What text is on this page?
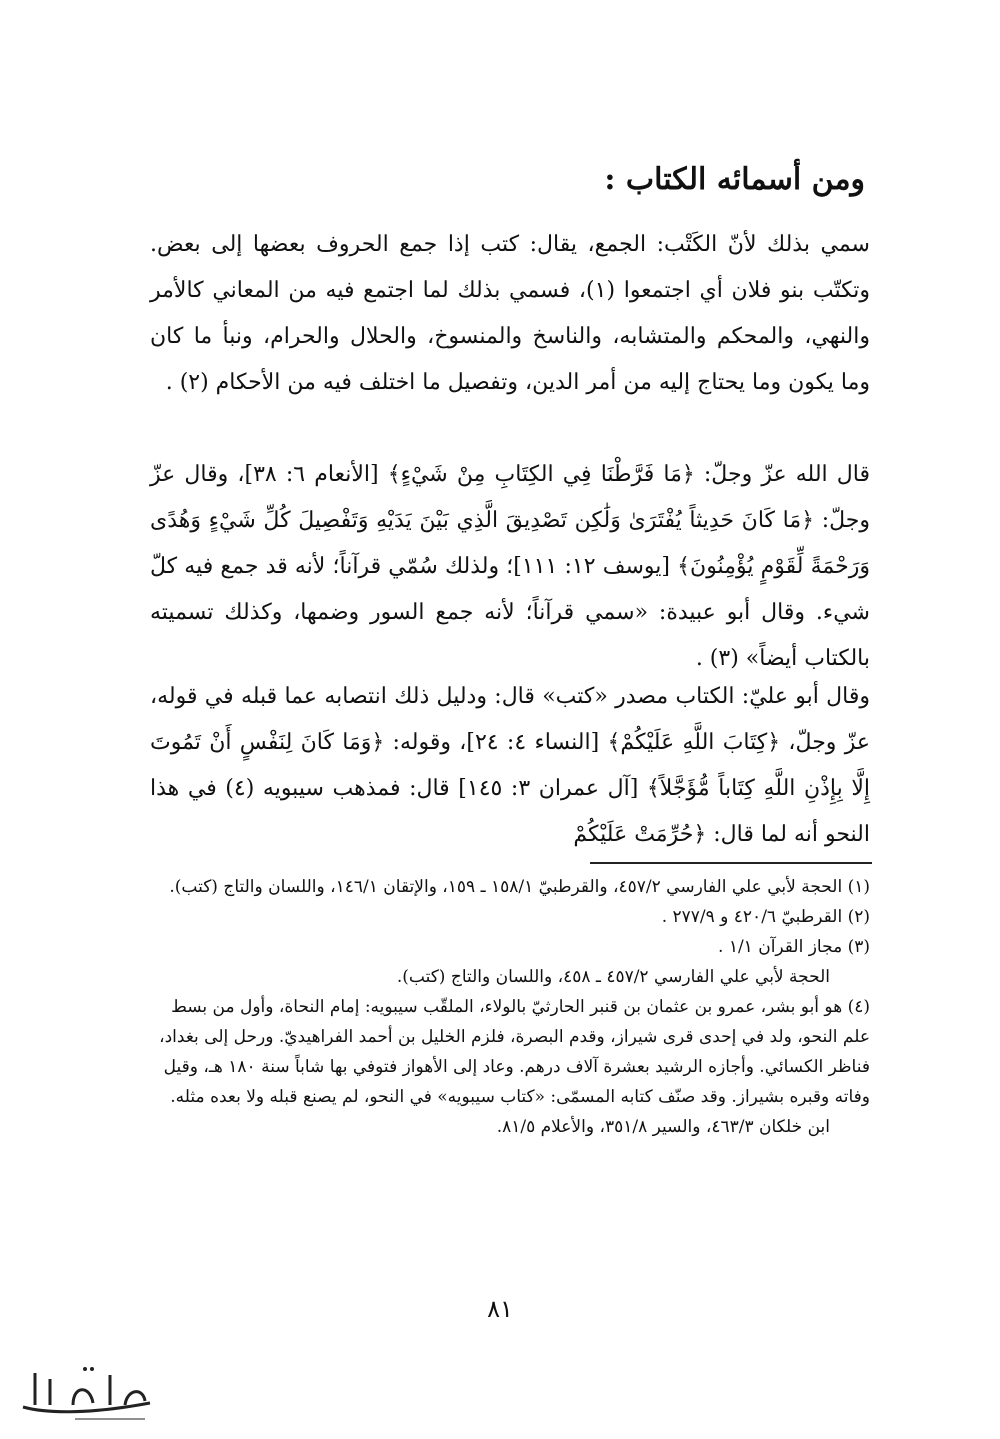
ومن أسمائه الكتاب :

سمي بذلك لأنّ الكَتْب: الجمع، يقال: كتب إذا جمع الحروف بعضها إلى بعض. وتكتّب بنو فلان أي اجتمعوا (١)، فسمي بذلك لما اجتمع فيه من المعاني كالأمر والنهي، والمحكم والمتشابه، والناسخ والمنسوخ، والحلال والحرام، ونبأ ما كان وما يكون وما يحتاج إليه من أمر الدين، وتفصيل ما اختلف فيه من الأحكام (٢) .

قال الله عزّ وجلّ: ﴿مَا فَرَّطْنَا فِي الكِتَابِ مِنْ شَيْءٍ﴾ [الأنعام ٦: ٣٨]، وقال عزّ وجلّ: ﴿مَا كَانَ حَدِيثاً يُفْتَرَىٰ وَلَٰكِن تَصْدِيقَ الَّذِي بَيْنَ يَدَيْهِ وَتَفْصِيلَ كُلِّ شَيْءٍ وَهُدًى وَرَحْمَةً لِّقَوْمٍ يُؤْمِنُونَ﴾ [يوسف ١٢: ١١١]؛ ولذلك سُمّي قرآناً؛ لأنه قد جمع فيه كلّ شيء. وقال أبو عبيدة: «سمي قرآناً؛ لأنه جمع السور وضمها، وكذلك تسميته بالكتاب أيضاً» (٣) .

وقال أبو عليّ: الكتاب مصدر «كتب» قال: ودليل ذلك انتصابه عما قبله في قوله، عزّ وجلّ، ﴿كِتَابَ اللَّهِ عَلَيْكُمْ﴾ [النساء ٤: ٢٤]، وقوله: ﴿وَمَا كَانَ لِنَفْسٍ أَنْ تَمُوتَ إِلَّا بِإِذْنِ اللَّهِ كِتَاباً مُّؤَجَّلاً﴾ [آل عمران ٣: ١٤٥] قال: فمذهب سيبويه (٤) في هذا النحو أنه لما قال: ﴿حُرِّمَتْ عَلَيْكُمْ

(١) الحجة لأبي علي الفارسي ٤٥٧/٢، والقرطبيّ ١٥٨/١ ـ ١٥٩، والإتقان ١٤٦/١، واللسان والتاج (كتب).

(٢) القرطبيّ ٤٢٠/٦ و ٢٧٧/٩ .

(٣) مجاز القرآن ١/١ .

الحجة لأبي علي الفارسي ٤٥٧/٢ ـ ٤٥٨، واللسان والتاج (كتب).

(٤) هو أبو بشر، عمرو بن عثمان بن قنبر الحارثيّ بالولاء، الملقّب سيبويه: إمام النحاة، وأول من بسط علم النحو، ولد في إحدى قرى شيراز، وقدم البصرة، فلزم الخليل بن أحمد الفراهيديّ. ورحل إلى بغداد، فناظر الكسائي. وأجازه الرشيد بعشرة آلاف درهم. وعاد إلى الأهواز فتوفي بها شاباً سنة ١٨٠ هـ، وقيل وفاته وقبره بشيراز. وقد صنّف كتابه المسمّى: «كتاب سيبويه» في النحو، لم يصنع قبله ولا بعده مثله.

ابن خلكان ٤٦٣/٣، والسير ٣٥١/٨، والأعلام ٨١/٥.

٨١
